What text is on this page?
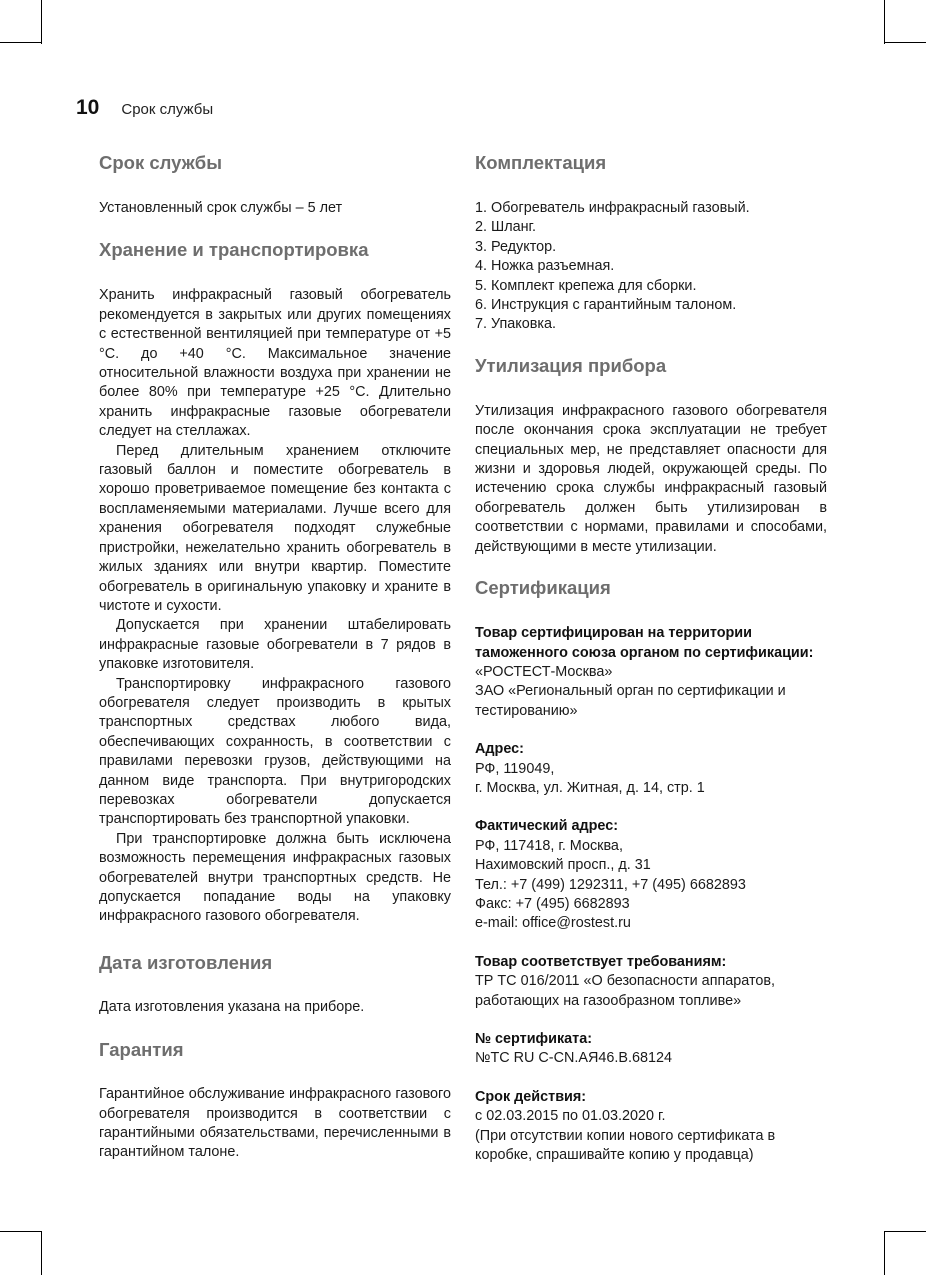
10 Срок службы
Срок службы

Установленный срок службы – 5 лет

Хранение и транспортировка

Хранить инфракрасный газовый обогреватель рекомендуется в закрытых или других помещениях с естественной вентиляцией при температуре от +5 °С. до +40 °С. Максимальное значение относительной влажности воздуха при хранении не более 80% при температуре +25 °С. Длительно хранить инфракрасные газовые обогреватели следует на стеллажах.

Перед длительным хранением отключите газовый баллон и поместите обогреватель в хорошо проветриваемое помещение без контакта с воспламеняемыми материалами. Лучше всего для хранения обогревателя подходят служебные пристройки, нежелательно хранить обогреватель в жилых зданиях или внутри квартир. Поместите обогреватель в оригинальную упаковку и храните в чистоте и сухости.

Допускается при хранении штабелировать инфракрасные газовые обогреватели в 7 рядов в упаковке изготовителя.

Транспортировку инфракрасного газового обогревателя следует производить в крытых транспортных средствах любого вида, обеспечивающих сохранность, в соответствии с правилами перевозки грузов, действующими на данном виде транспорта. При внутригородских перевозках обогреватели допускается транспортировать без транспортной упаковки.

При транспортировке должна быть исключена возможность перемещения инфракрасных газовых обогревателей внутри транспортных средств. Не допускается попадание воды на упаковку инфракрасного газового обогревателя.

Дата изготовления

Дата изготовления указана на приборе.

Гарантия

Гарантийное обслуживание инфракрасного газового обогревателя производится в соответствии с гарантийными обязательствами, перечисленными в гарантийном талоне.

Комплектация
1. Обогреватель инфракрасный газовый.
2. Шланг.
3. Редуктор.
4. Ножка разъемная.
5. Комплект крепежа для сборки.
6. Инструкция с гарантийным талоном.
7. Упаковка.
Утилизация прибора

Утилизация инфракрасного газового обогревателя после окончания срока эксплуатации не требует специальных мер, не представляет опасности для жизни и здоровья людей, окружающей среды. По истечению срока службы инфракрасный газовый обогреватель должен быть утилизирован в соответствии с нормами, правилами и способами, действующими в месте утилизации.

Сертификация

Товар сертифицирован на территории таможенного союза органом по сертификации:

«РОСТЕСТ-Москва»

ЗАО «Региональный орган по сертификации и тестированию»

Адрес:

РФ, 119049,

г. Москва, ул. Житная, д. 14, стр. 1

Фактический адрес:

РФ, 117418, г. Москва,

Нахимовский просп., д. 31

Тел.: +7 (499) 1292311, +7 (495) 6682893

Факс: +7 (495) 6682893

e-mail: office@rostest.ru

Товар соответствует требованиям:

ТР ТС 016/2011 «О безопасности аппаратов, работающих на газообразном топливе»

№ сертификата:

№TC RU C-CN.АЯ46.В.68124

Срок действия:

с 02.03.2015 по 01.03.2020 г.

(При отсутствии копии нового сертификата в коробке, спрашивайте копию у продавца)
